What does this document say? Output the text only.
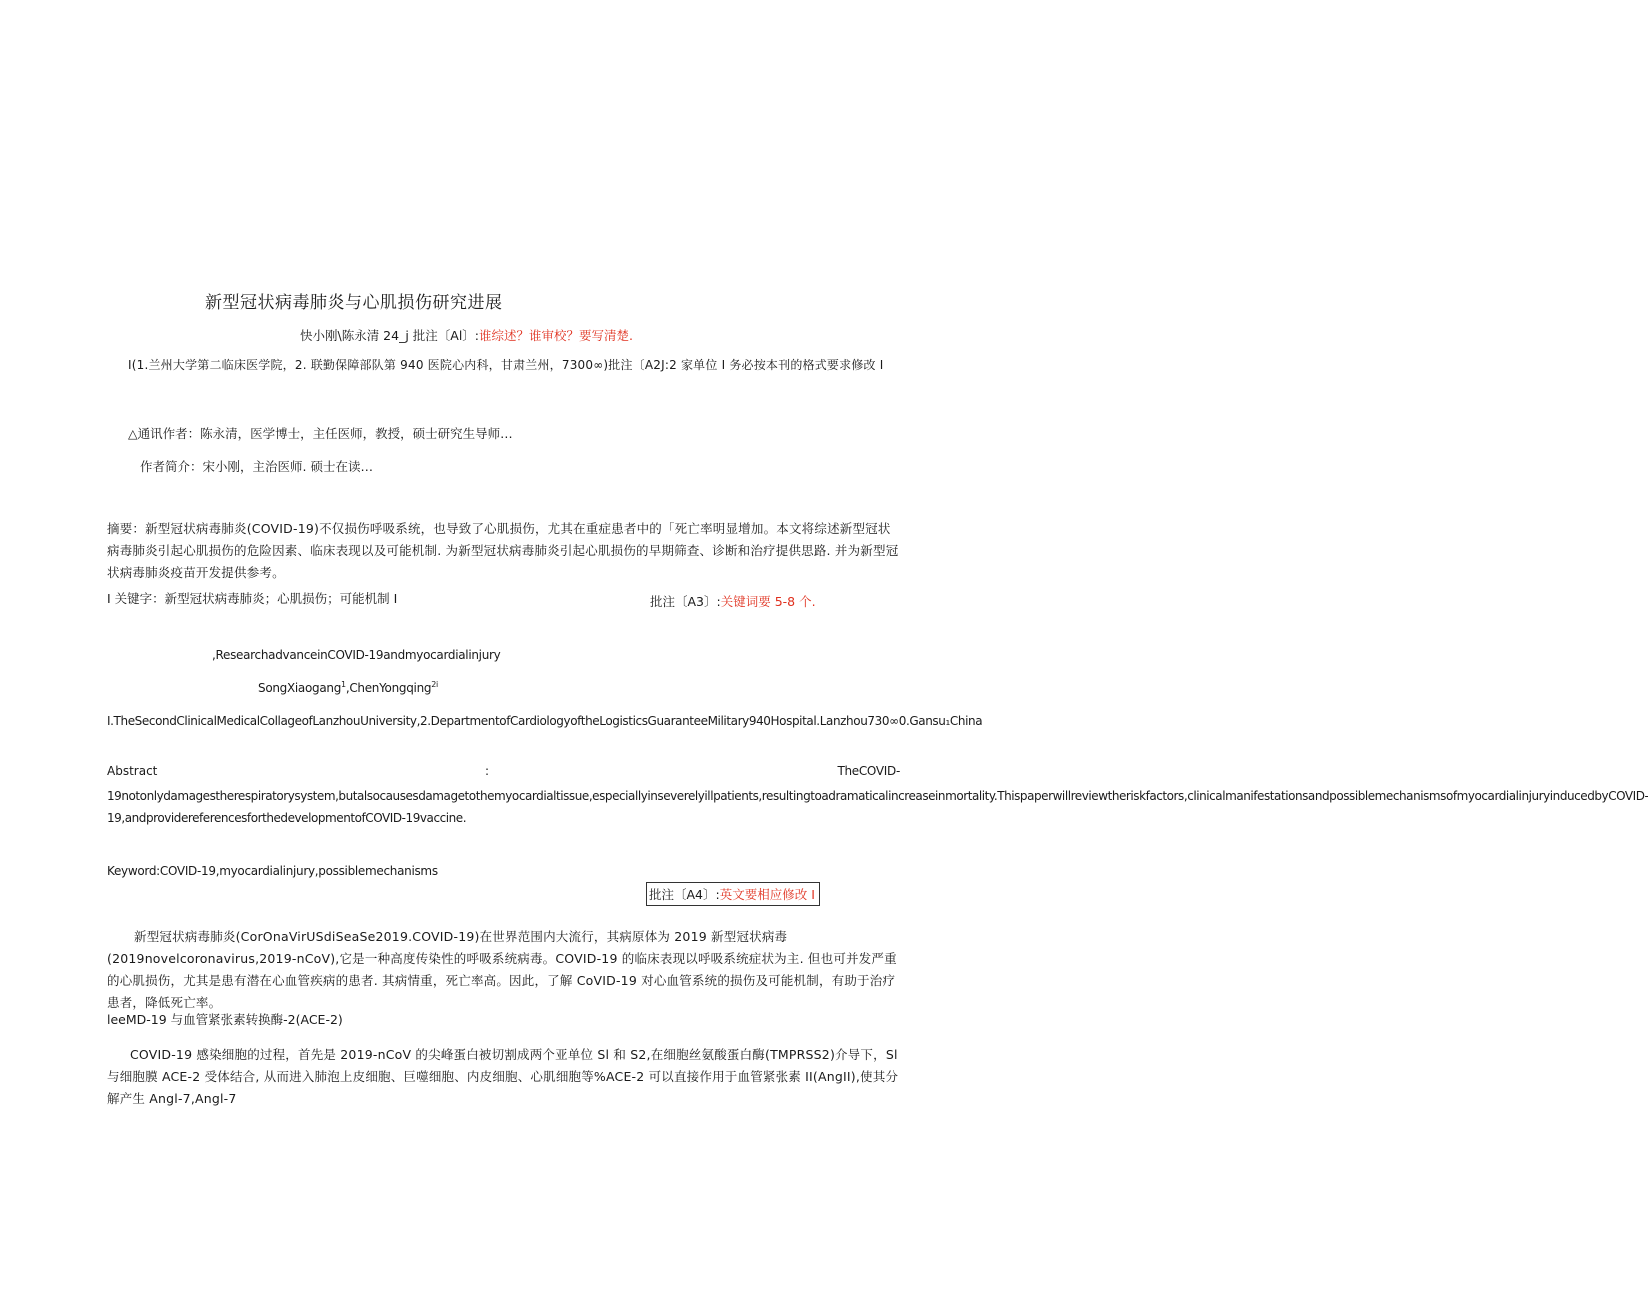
新型冠状病毒肺炎与心肌损伤研究进展
快小刚\陈永清 24_j 批注〔Al〕:谁综述？谁审校？要写清楚.
I(1.兰州大学第二临床医学院，2. 联勤保障部队第 940 医院心内科，甘肃兰州，7300∞)批注〔A2J:2 家单位 I 务必按本刊的格式要求修改 I
△通讯作者：陈永清，医学博士，主任医师，教授，硕士研究生导师…
作者简介：宋小刚，主治医师. 硕士在读…
摘要：新型冠状病毒肺炎(COVID-19)不仅损伤呼吸系统，也导致了心肌损伤，尤其在重症患者中的「死亡率明显增加。本文将综述新型冠状病毒肺炎引起心肌损伤的危险因素、临床表现以及可能机制. 为新型冠状病毒肺炎引起心肌损伤的早期筛查、诊断和治疗提供思路. 并为新型冠状病毒肺炎疫苗开发提供参考。
I 关键字：新型冠状病毒肺炎；心肌损伤；可能机制 I	批注〔A3〕:关键词要 5-8 个.
,ResearchadvanceinCOVID-19andmyocardialinjury
SongXiaogang$^1$,ChenYongqing$^{2i}$
I.TheSecondClinicalMedicalCollageofLanzhouUniversity,2.DepartmentofCardiologyoftheLogisticsGuaranteeMilitary940Hospital.Lanzhou730∞0.Gansu₁China
Abstract	:	TheCOVID-
19notonlydamagestherespiratorysystem,butalsocausesdamagetothemyocardialtissue,especiallyinseverelyillpatients,resultingtoadramaticalincreaseinmortality.Thispaperwillreviewtheriskfactors,clinicalmanifestationsandpossiblemechanismsofmyocardialinjuryinducedbyCOVID-19,andprovidereferencesforthedevelopmentofCOVID-19vaccine.
Keyword:COVID-19,myocardialinjury,possiblemechanisms
批注〔A4〕:英文要相应修改 I
新型冠状病毒肺炎(CorOnaVirUSdiSeaSe2019.COVID-19)在世界范围内大流行，其病原体为 2019 新型冠状病毒(2019novelcoronavirus,2019-nCoV),它是一种高度传染性的呼吸系统病毒。COVID-19 的临床表现以呼吸系统症状为主. 但也可并发严重的心肌损伤，尤其是患有潜在心血管疾病的患者. 其病情重，死亡率高。因此，了解 CoVID-19 对心血管系统的损伤及可能机制，有助于治疗患者，降低死亡率。
leeMD-19 与血管紧张素转换酶-2(ACE-2)
COVID-19 感染细胞的过程，首先是 2019-nCoV 的尖峰蛋白被切割成两个亚单位 Sl 和 S2,在细胞丝氨酸蛋白酶(TMPRSS2)介导下，Sl 与细胞膜 ACE-2 受体结合, 从而进入肺泡上皮细胞、巨噬细胞、内皮细胞、心肌细胞等%ACE-2 可以直接作用于血管紧张素 II(AngII),使其分解产生 Angl-7,Angl-7
